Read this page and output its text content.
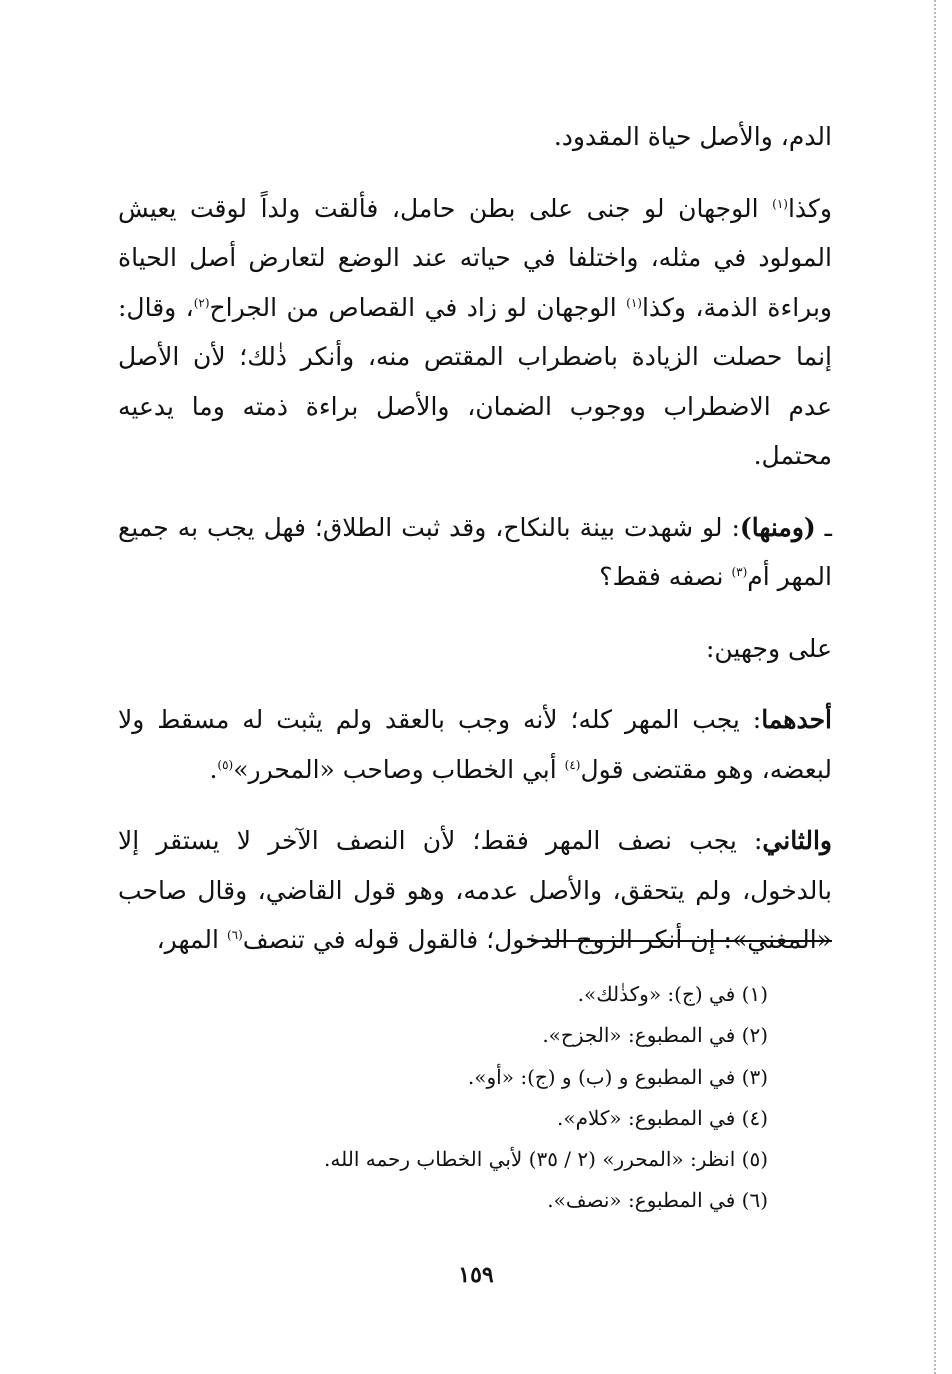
الدم، والأصل حياة المقدود.

وكذا$^{(١)}$ الوجهان لو جنى على بطن حامل، فألقت ولداً لوقت يعيش المولود في مثله، واختلفا في حياته عند الوضع لتعارض أصل الحياة وبراءة الذمة، وكذا$^{(١)}$ الوجهان لو زاد في القصاص من الجراح$^{(٢)}$، وقال: إنما حصلت الزيادة باضطراب المقتص منه، وأنكر ذٰلك؛ لأن الأصل عدم الاضطراب ووجوب الضمان، والأصل براءة ذمته وما يدعيه محتمل.

ـ (ومنها): لو شهدت بينة بالنكاح، وقد ثبت الطلاق؛ فهل يجب به جميع المهر أم$^{(٣)}$ نصفه فقط؟

على وجهين:

أحدهما: يجب المهر كله؛ لأنه وجب بالعقد ولم يثبت له مسقط ولا لبعضه، وهو مقتضى قول$^{(٤)}$ أبي الخطاب وصاحب «المحرر»$^{(٥)}$.

والثاني: يجب نصف المهر فقط؛ لأن النصف الآخر لا يستقر إلا بالدخول، ولم يتحقق، والأصل عدمه، وهو قول القاضي، وقال صاحب «المغني»: إن أنكر الزوج الدخول؛ فالقول قوله في تنصف$^{(٦)}$ المهر،

(١) في (ج): «وكذٰلك».

(٢) في المطبوع: «الجزح».

(٣) في المطبوع و (ب) و (ج): «أو».

(٤) في المطبوع: «كلام».

(٥) انظر: «المحرر» (٢ / ٣٥) لأبي الخطاب رحمه الله.

(٦) في المطبوع: «نصف».

١٥٩
